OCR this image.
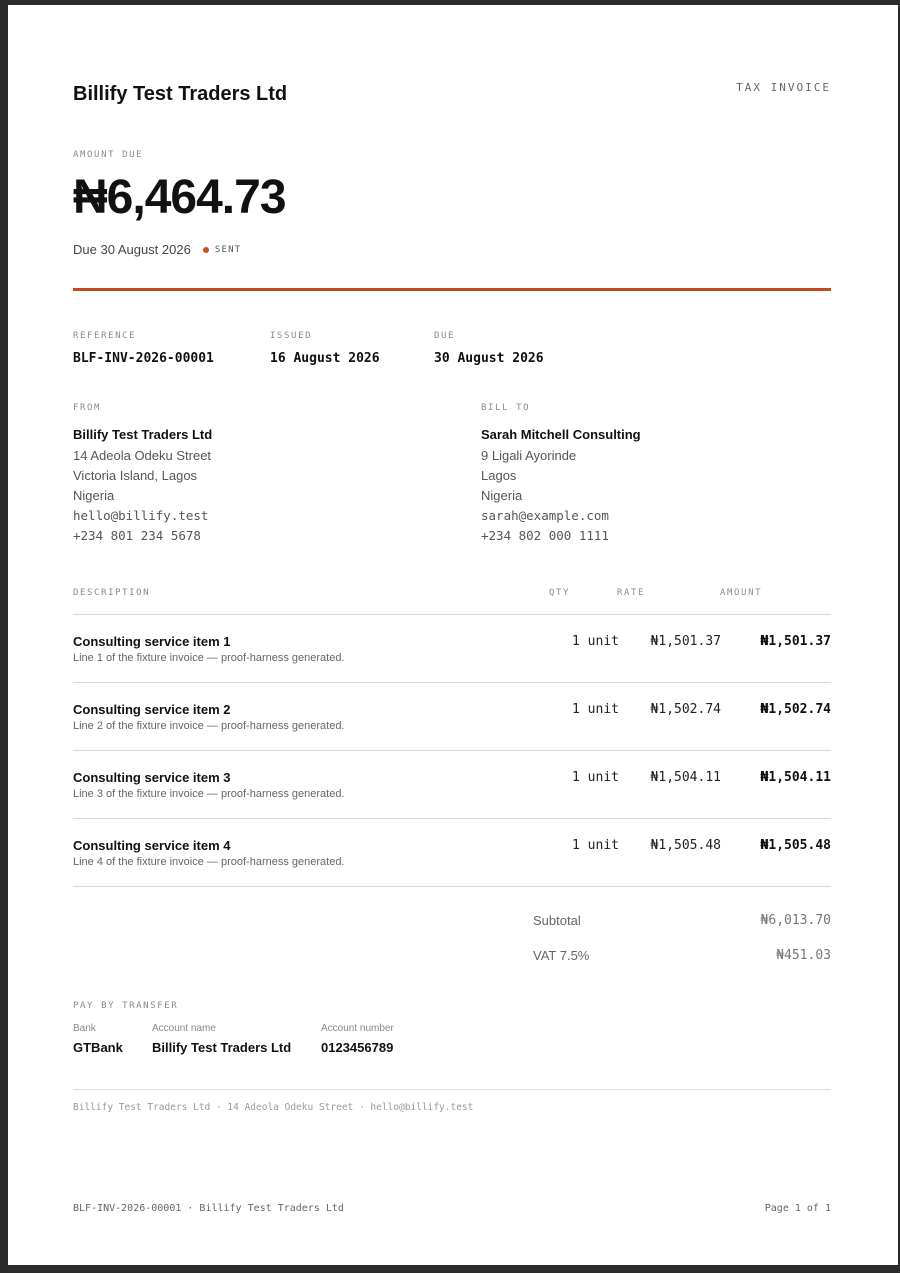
Billify Test Traders Ltd	TAX INVOICE
AMOUNT DUE
₦6,464.73
Due 30 August 2026	SENT
REFERENCE
BLF-INV-2026-00001
ISSUED
16 August 2026
DUE
30 August 2026
FROM
Billify Test Traders Ltd
14 Adeola Odeku Street
Victoria Island, Lagos
Nigeria
hello@billify.test
+234 801 234 5678
BILL TO
Sarah Mitchell Consulting
9 Ligali Ayorinde
Lagos
Nigeria
sarah@example.com
+234 802 000 1111
DESCRIPTION	QTY	RATE	AMOUNT
Consulting service item 1
Line 1 of the fixture invoice — proof-harness generated.
1 unit ₦1,501.37	₦1,501.37
Consulting service item 2
Line 2 of the fixture invoice — proof-harness generated.
1 unit ₦1,502.74	₦1,502.74
Consulting service item 3
Line 3 of the fixture invoice — proof-harness generated.
1 unit ₦1,504.11	₦1,504.11
Consulting service item 4
Line 4 of the fixture invoice — proof-harness generated.
1 unit ₦1,505.48	₦1,505.48
Subtotal	₦6,013.70
VAT 7.5%	₦451.03
PAY BY TRANSFER
Bank
GTBank
Account name
Billify Test Traders Ltd
Account number
0123456789
Billify Test Traders Ltd · 14 Adeola Odeku Street · hello@billify.test
BLF-INV-2026-00001 · Billify Test Traders Ltd	Page 1 of 1
